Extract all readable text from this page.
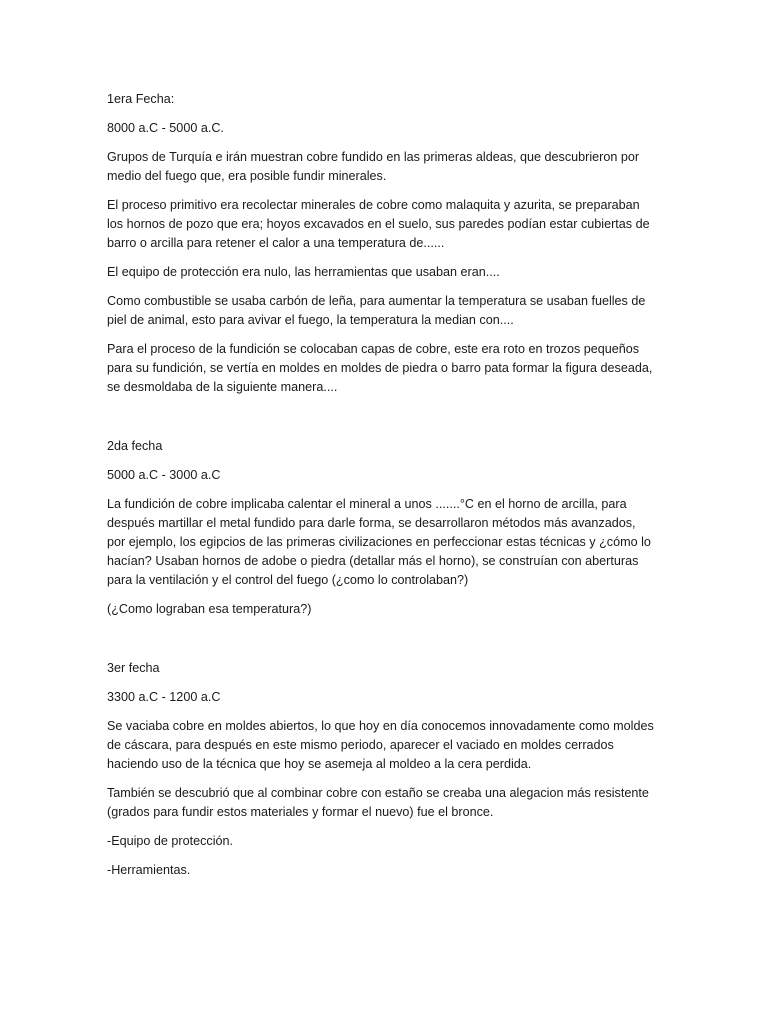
1era Fecha:

8000 a.C - 5000 a.C.

Grupos de Turquía e irán muestran cobre fundido en las primeras aldeas, que descubrieron por medio del fuego que, era posible fundir minerales.

El proceso primitivo era recolectar minerales de cobre como malaquita y azurita, se preparaban los hornos de pozo que era; hoyos excavados en el suelo, sus paredes podían estar cubiertas de barro o arcilla para retener el calor a una temperatura de......

El equipo de protección era nulo, las herramientas que usaban eran....

Como combustible se usaba carbón de leña, para aumentar la temperatura se usaban fuelles de piel de animal, esto para avivar el fuego, la temperatura la median con....

Para el proceso de la fundición se colocaban capas de cobre, este era roto en trozos pequeños para su fundición, se vertía en moldes en moldes de piedra o barro pata formar la figura deseada, se desmoldaba de la siguiente manera....

2da fecha

5000 a.C - 3000 a.C

La fundición de cobre implicaba calentar el mineral a unos .......°C en el horno de arcilla, para después martillar el metal fundido para darle forma, se desarrollaron métodos más avanzados, por ejemplo, los egipcios de las primeras civilizaciones en perfeccionar estas técnicas y ¿cómo lo hacían? Usaban hornos de adobe o piedra (detallar más el horno), se construían con aberturas para la ventilación y el control del fuego (¿como lo controlaban?)

(¿Como lograban esa temperatura?)

3er fecha

3300 a.C - 1200 a.C

Se vaciaba cobre en moldes abiertos, lo que hoy en día conocemos innovadamente como moldes de cáscara, para después en este mismo periodo, aparecer el vaciado en moldes cerrados haciendo uso de la técnica que hoy se asemeja al moldeo a la cera perdida.

También se descubrió que al combinar cobre con estaño se creaba una alegacion más resistente (grados para fundir estos materiales y formar el nuevo) fue el bronce.

-Equipo de protección.

-Herramientas.
